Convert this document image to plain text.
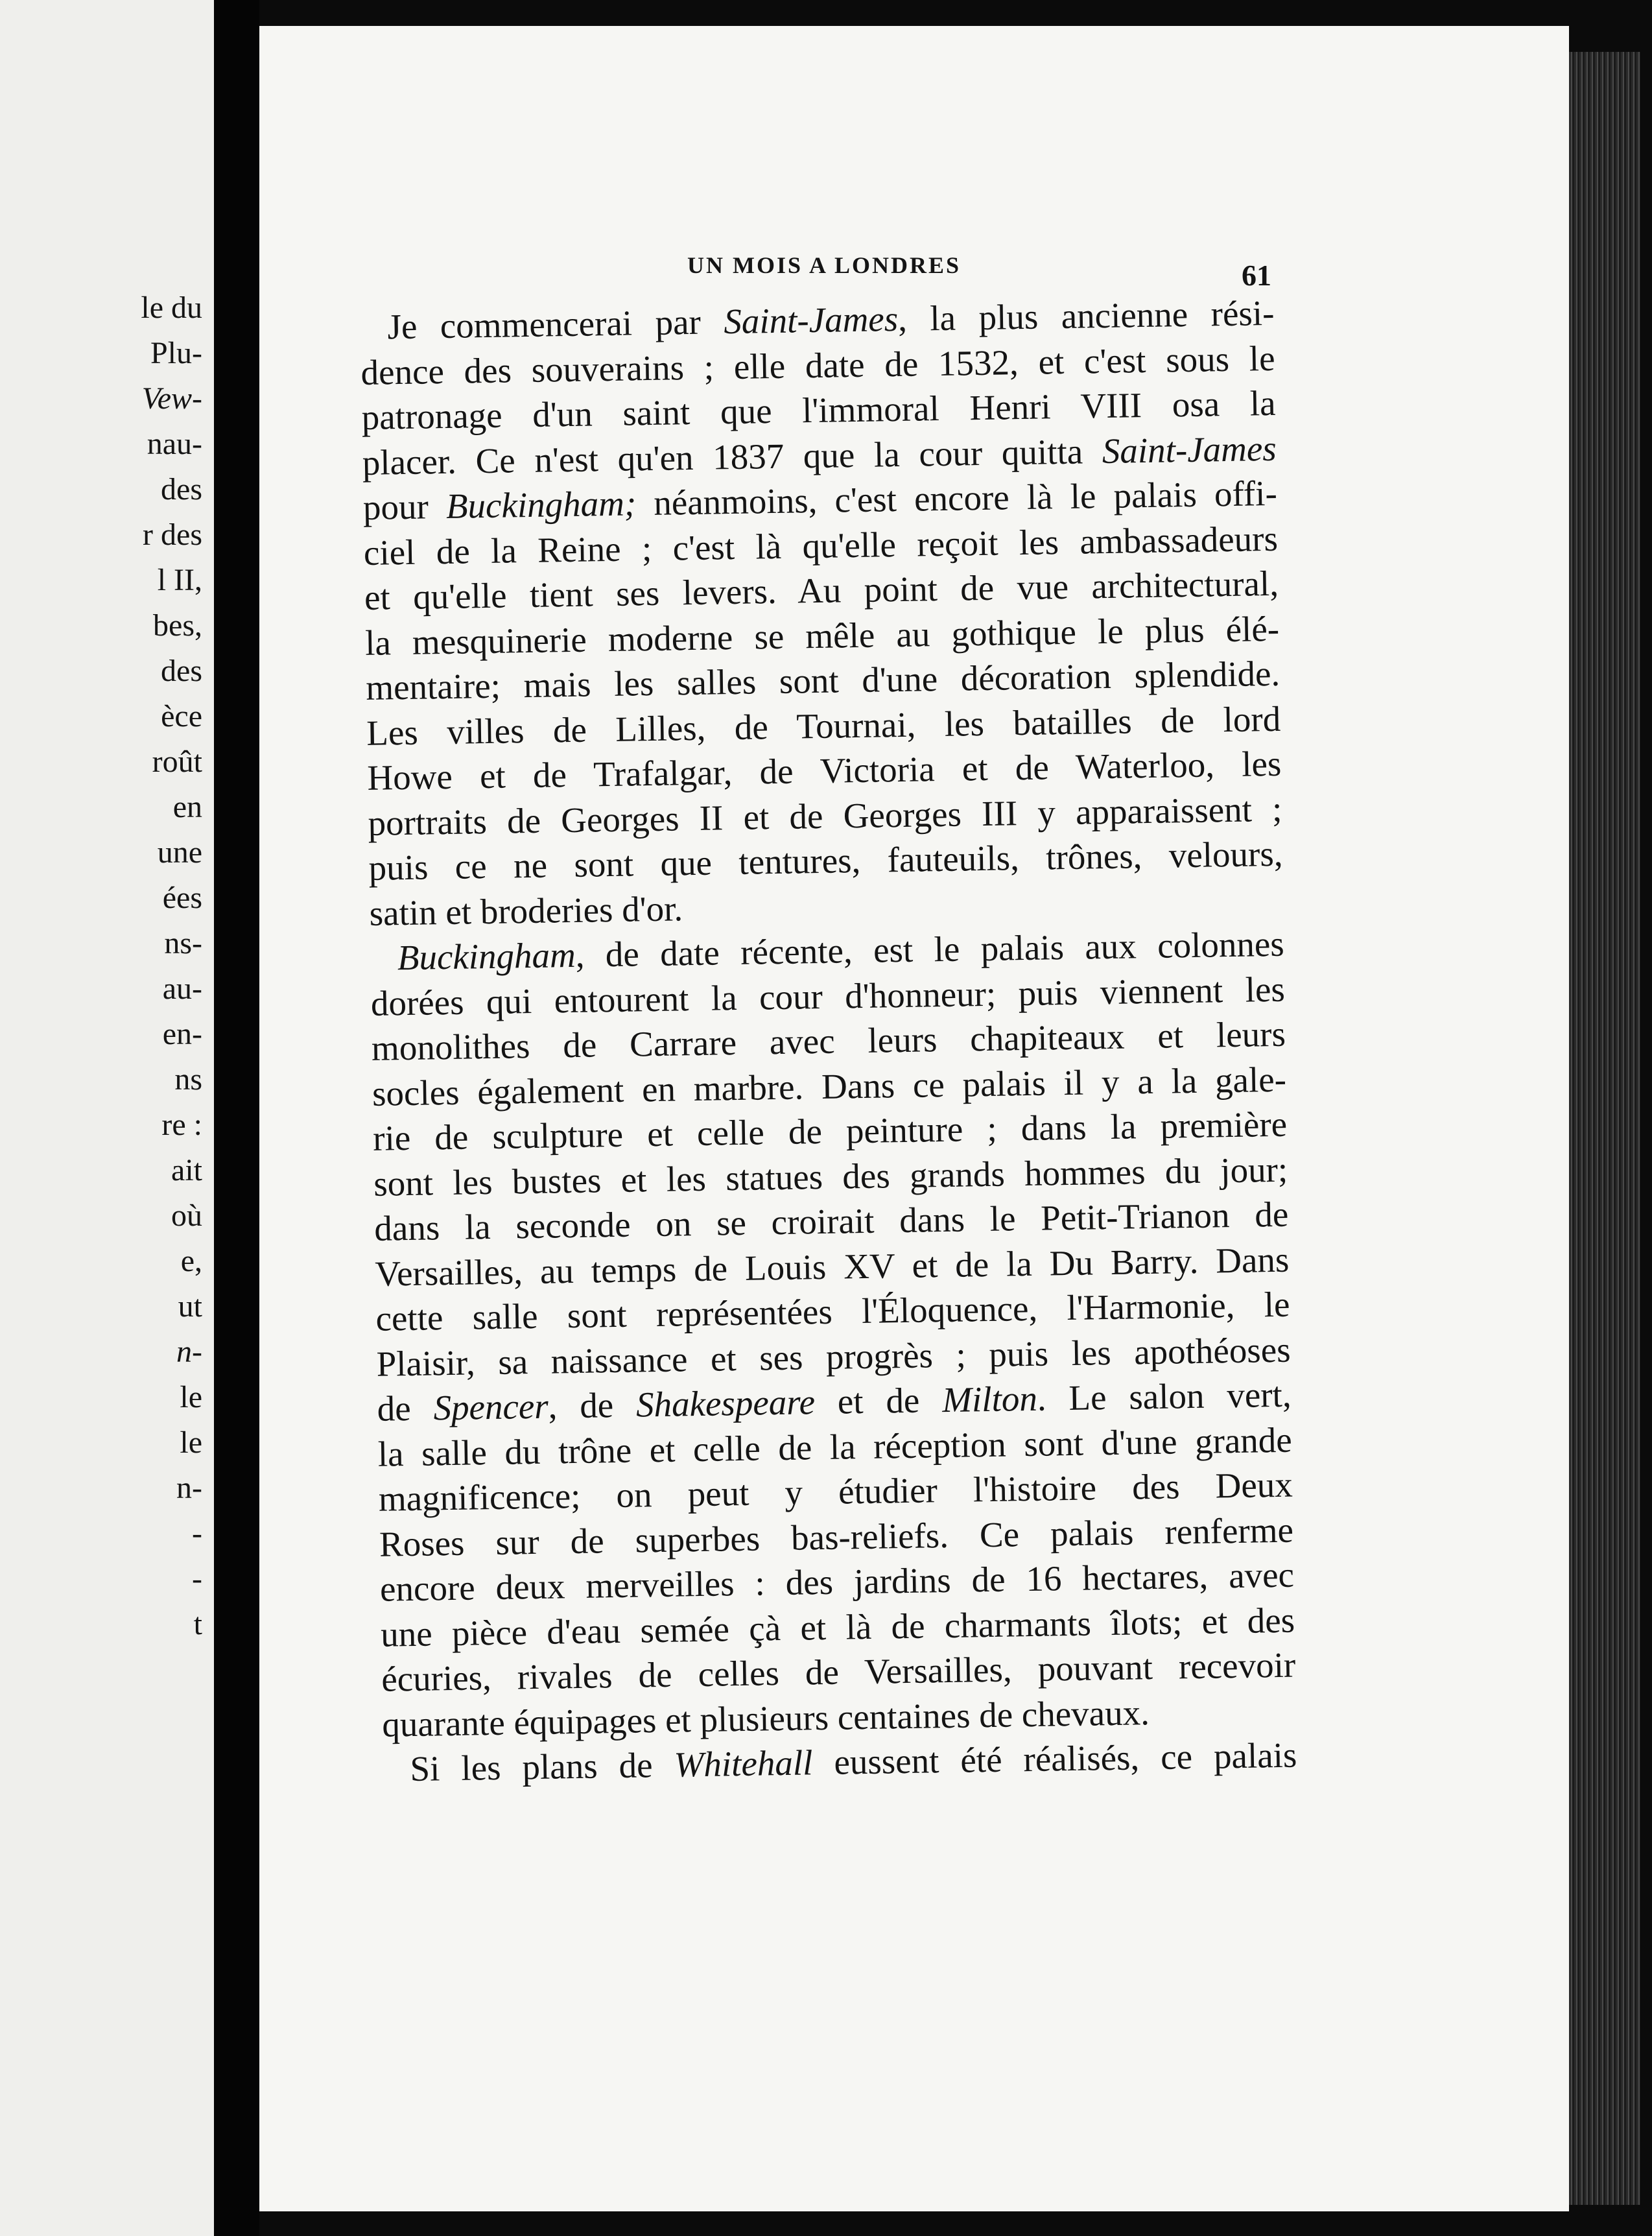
le du
Plu-
Vew-
nau-
des
r des
l II,
bes,
des
èce
roût
en
une
ées
ns-
au-
en-
ns
re :
ait
où
e,
ut
n-
le
le
n-
-
-
t
UN MOIS A LONDRES	61
Je commencerai par Saint-James, la plus ancienne rési-
dence des souverains ; elle date de 1532, et c'est sous le
patronage d'un saint que l'immoral Henri VIII osa la
placer. Ce n'est qu'en 1837 que la cour quitta Saint-James
pour Buckingham; néanmoins, c'est encore là le palais offi-
ciel de la Reine ; c'est là qu'elle reçoit les ambassadeurs
et qu'elle tient ses levers. Au point de vue architectural,
la mesquinerie moderne se mêle au gothique le plus élé-
mentaire; mais les salles sont d'une décoration splendide.
Les villes de Lilles, de Tournai, les batailles de lord
Howe et de Trafalgar, de Victoria et de Waterloo, les
portraits de Georges II et de Georges III y apparaissent ;
puis ce ne sont que tentures, fauteuils, trônes, velours,
satin et broderies d'or.
Buckingham, de date récente, est le palais aux colonnes
dorées qui entourent la cour d'honneur; puis viennent les
monolithes de Carrare avec leurs chapiteaux et leurs
socles également en marbre. Dans ce palais il y a la gale-
rie de sculpture et celle de peinture ; dans la première
sont les bustes et les statues des grands hommes du jour;
dans la seconde on se croirait dans le Petit-Trianon de
Versailles, au temps de Louis XV et de la Du Barry. Dans
cette salle sont représentées l'Éloquence, l'Harmonie, le
Plaisir, sa naissance et ses progrès ; puis les apothéoses
de Spencer, de Shakespeare et de Milton. Le salon vert,
la salle du trône et celle de la réception sont d'une grande
magnificence; on peut y étudier l'histoire des Deux
Roses sur de superbes bas-reliefs. Ce palais renferme
encore deux merveilles : des jardins de 16 hectares, avec
une pièce d'eau semée çà et là de charmants îlots; et des
écuries, rivales de celles de Versailles, pouvant recevoir
quarante équipages et plusieurs centaines de chevaux.
Si les plans de Whitehall eussent été réalisés, ce palais
